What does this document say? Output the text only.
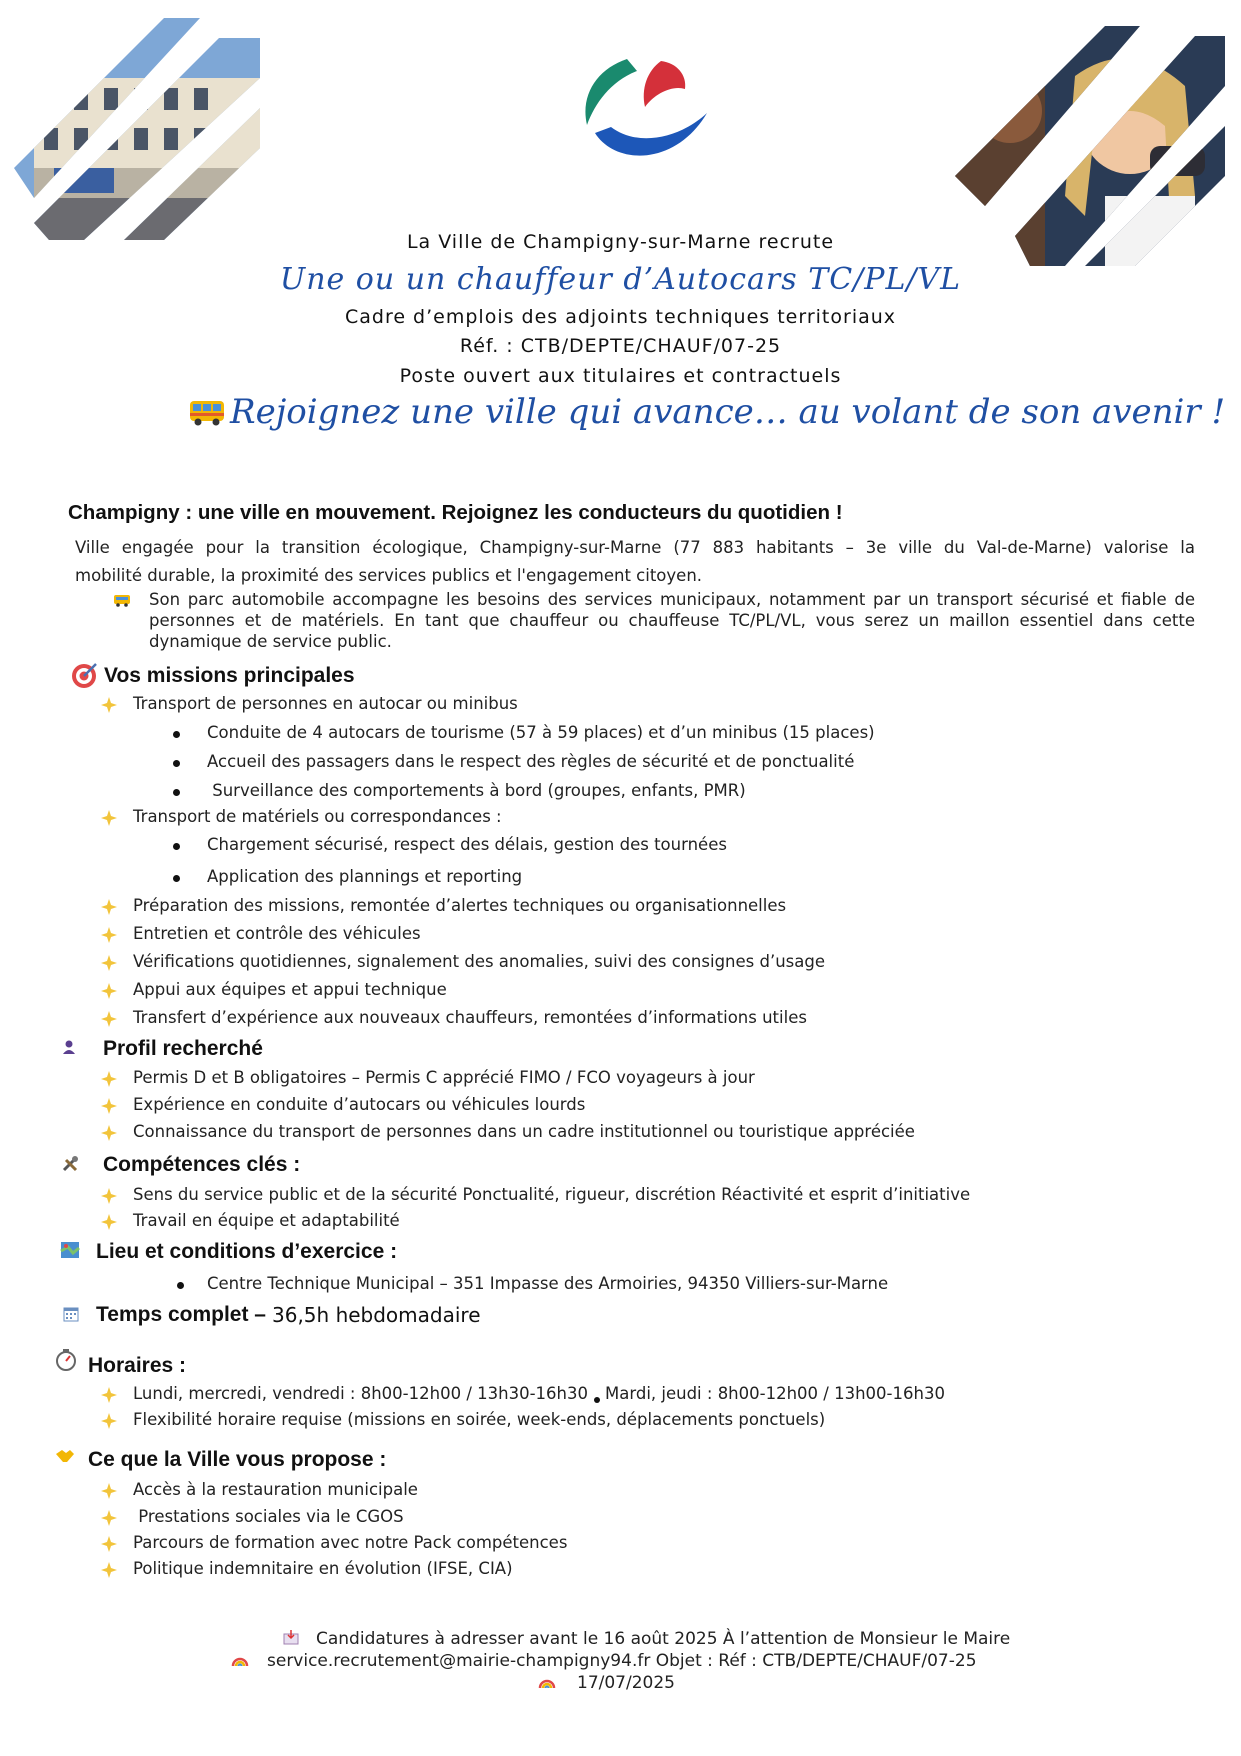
La Ville de Champigny-sur-Marne recrute
Une ou un chauffeur d’Autocars TC/PL/VL
Cadre d’emplois des adjoints techniques territoriaux
Réf. : CTB/DEPTE/CHAUF/07-25
Poste ouvert aux titulaires et contractuels
Rejoignez une ville qui avance… au volant de son avenir !
Champigny : une ville en mouvement. Rejoignez les conducteurs du quotidien !
Ville engagée pour la transition écologique, Champigny-sur-Marne (77 883 habitants – 3e ville du Val-de-Marne) valorise la
mobilité durable, la proximité des services publics et l'engagement citoyen.
Son parc automobile accompagne les besoins des services municipaux, notamment par un transport sécurisé et fiable de
personnes et de matériels. En tant que chauffeur ou chauffeuse TC/PL/VL, vous serez un maillon essentiel dans cette
dynamique de service public.
Vos missions principales
Transport de personnes en autocar ou minibus
Conduite de 4 autocars de tourisme (57 à 59 places) et d’un minibus (15 places)
Accueil des passagers dans le respect des règles de sécurité et de ponctualité
Surveillance des comportements à bord (groupes, enfants, PMR)
Transport de matériels ou correspondances :
Chargement sécurisé, respect des délais, gestion des tournées
Application des plannings et reporting
Préparation des missions, remontée d’alertes techniques ou organisationnelles
Entretien et contrôle des véhicules
Vérifications quotidiennes, signalement des anomalies, suivi des consignes d’usage
Appui aux équipes et appui technique
Transfert d’expérience aux nouveaux chauffeurs, remontées d’informations utiles
Profil recherché
Permis D et B obligatoires – Permis C apprécié FIMO / FCO voyageurs à jour
Expérience en conduite d’autocars ou véhicules lourds
Connaissance du transport de personnes dans un cadre institutionnel ou touristique appréciée
Compétences clés :
Sens du service public et de la sécurité Ponctualité, rigueur, discrétion Réactivité et esprit d’initiative
Travail en équipe et adaptabilité
Lieu et conditions d’exercice :
Centre Technique Municipal – 351 Impasse des Armoiries, 94350 Villiers-sur-Marne
Temps complet – 36,5h hebdomadaire
Horaires :
Lundi, mercredi, vendredi : 8h00-12h00 / 13h30-16h30 Mardi, jeudi : 8h00-12h00 / 13h00-16h30
Flexibilité horaire requise (missions en soirée, week-ends, déplacements ponctuels)
Ce que la Ville vous propose :
Accès à la restauration municipale
Prestations sociales via le CGOS
Parcours de formation avec notre Pack compétences
Politique indemnitaire en évolution (IFSE, CIA)
Candidatures à adresser avant le 16 août 2025 À l’attention de Monsieur le Maire
service.recrutement@mairie-champigny94.fr Objet : Réf : CTB/DEPTE/CHAUF/07-25
17/07/2025
